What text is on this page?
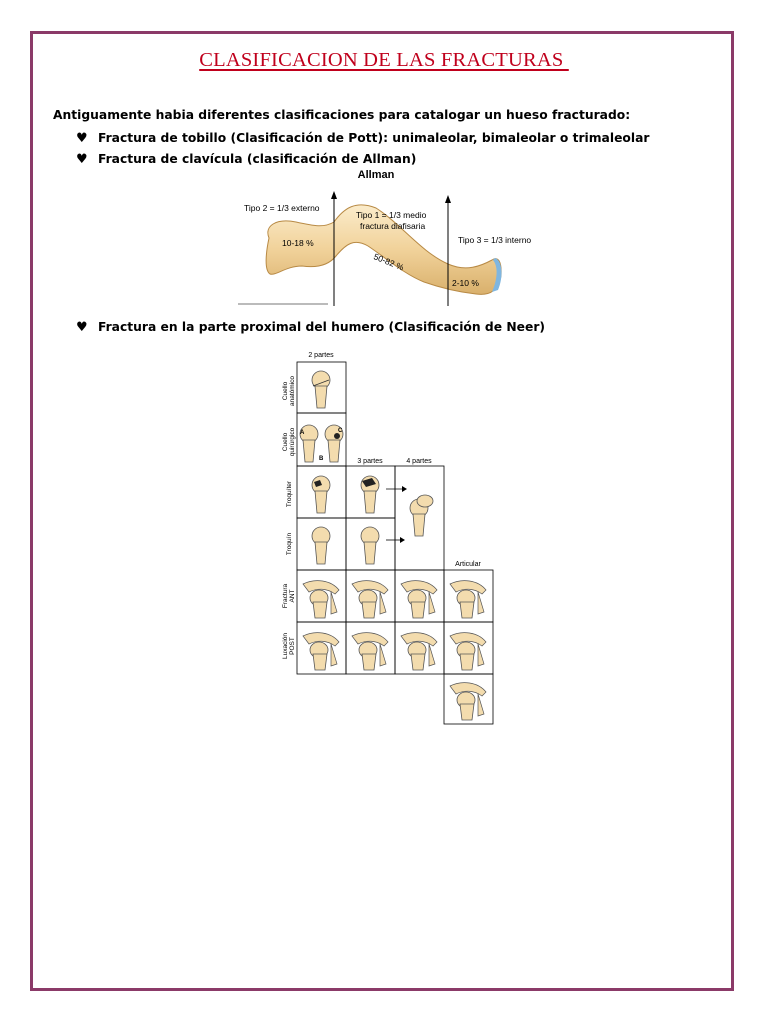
CLASIFICACION DE LAS FRACTURAS
Antiguamente habia diferentes clasificaciones para catalogar un hueso fracturado:
♥ Fractura de tobillo (Clasificación de Pott): unimaleolar, bimaleolar o trimaleolar
♥ Fractura de clavícula (clasificación de Allman)
Allman
Tipo 2 = 1/3 externo
Tipo 1 = 1/3 medio
fractura diafisaria
Tipo 3 = 1/3 interno
10-18 %
50-82 %
2-10 %
♥ Fractura en la parte proximal del humero (Clasificación de Neer)
2 partes
3 partes	4 partes
Articular
Cuello anatómico
Cuello quirúrgico
Troquíter
Troquín
Fractura ANT
Luxación POST
A
B
C
